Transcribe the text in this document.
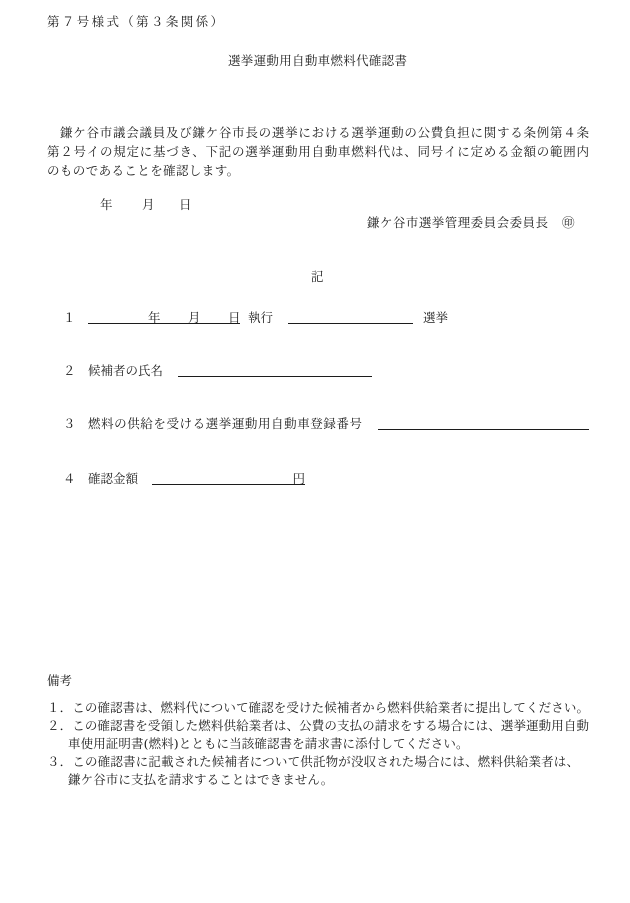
第７号様式（第３条関係）
選挙運動用自動車燃料代確認書
鎌ケ谷市議会議員及び鎌ケ谷市長の選挙における選挙運動の公費負担に関する条例第４条
第２号イの規定に基づき、下記の選挙運動用自動車燃料代は、同号イに定める金額の範囲内
のものであることを確認します。
年 月 日
鎌ケ谷市選挙管理委員会委員長 ㊞
記
１	年 月 日 執行	選挙
２ 候補者の氏名
３ 燃料の供給を受ける選挙運動用自動車登録番号
４ 確認金額	円
備考
１．この確認書は、燃料代について確認を受けた候補者から燃料供給業者に提出してください。
２．この確認書を受領した燃料供給業者は、公費の支払の請求をする場合には、選挙運動用自動
車使用証明書(燃料)とともに当該確認書を請求書に添付してください。
３．この確認書に記載された候補者について供託物が没収された場合には、燃料供給業者は、
鎌ケ谷市に支払を請求することはできません。
